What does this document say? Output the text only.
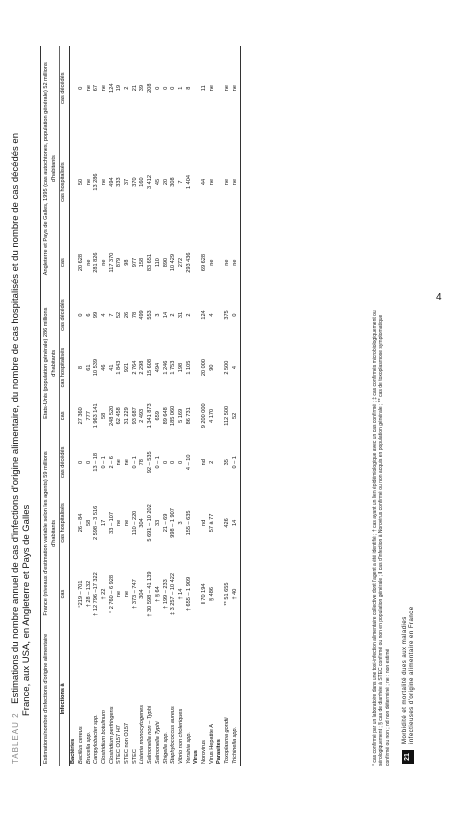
TABLEAU 2 Estimations du nombre annuel de cas d'infections d'origine alimentaire, du nombre de cas hospitalisés et du nombre de cas décédés en
France, aux USA, en Angleterre et Pays de Galles Estimations/nombre d'infections d'origine alimentaire	France (niveaux d'estimation variable selon les agents) 59 millions d'habitants			Etats-Unis (population générale) 286 millions d'habitants			Angleterre et Pays de Galles, 1995 (cas autochtones, population générale) 52 millions d'habitants		
Infections à	cas	cas hospitalisés	cas décédés	cas	cas hospitalisés	cas décédés	cas	cas hospitalisés	cas décédés
Bactéries									
Bacillus cereus	°219 – 701	26 – 84	0	27 360	8	0	20 628	50	0
Brucella spp.	† 28 – 132	58	0	777	61	6	ne	ne	ne
Campylobacter spp.	† 12 796 –17 322	2 598 – 3 516	13 – 18	1 963 141	10 539	99	281 826	13 286	67
Clostridium botulinum	† 22	17	0 – 1	58	46	4	ne	ne	ne
Clostridium perfringens	° 2 760 – 6 928	33 – 107	2 – 6	248 520	41	7	117 370	494	124
STEC O157 H7	ne	ne	ne	62 458	1 843	52	879	333	19
STEC non O157	ne	ne	ne	31 229	921	26	98	37	2
STEC	† 373 – 747	110 – 220	0 – 1	93 687	2 764	78	977	370	21
Listeria monocytogenes	304	304	78	2 493	2 298	499	158	160	39
Salmonella non – Typhi	† 30 598 – 41 139	5 691 – 10 202	92 – 535	1 341 873	15 608	553	83 651	3 412	208
Salmonella Typhi	† § 64	33	0 – 1	659	494	3	110	45	0
Shigella spp.	† 199 – 233	21 – 69	0	89 648	1 246	14	890	20	0
Staphylococcus aureus	‡ 3 257 – 10 422	998 – 1 907	0	185 060	1 753	2	10 429	308	0
Vibrio non choleriques	† 14	3	0	5 169	198	31	272	7	1
Yersinia spp.	† 655 – 1 909	155 – 635	4 – 10	86 731	1 105	2	293 436	1 404	8
Virus									
Norovirus	‖ 70 194	nd	nd	9 200 000	20 000	124	69 628	44	11
Virus Hepatite A	§ 486	57 à 77	2	4 170	90	4	ne	ne	ne
Parasites									
Toxoplasma gondii	** 51 655	426	35	112 500	2 500	375	ne	ne	ne
Trichinella spp.	† 40	14	0 – 1	52	4	0	ne	ne	ne
° cas confirmé par un laboratoire dans une toxi-infection alimentaire collective dont l'agent a été identifié ; † cas ayant un lien épidémiologique avec un cas confirmé ; ‡ cas confirmés microbiologiquement ou sérologiquement ; § cas de diarrhée à STEC confirmé ou non en population générale ; ‖ cas d'infection à Norovirus confirmé ou non acquis en population générale ; ** cas de toxoplasmose symptomatique confirmé ou non ; nd non déterminé ; ne : non estimé 21
Morbidité et mortalité dues aux maladies infectieuses d'origine alimentaire en France
4
